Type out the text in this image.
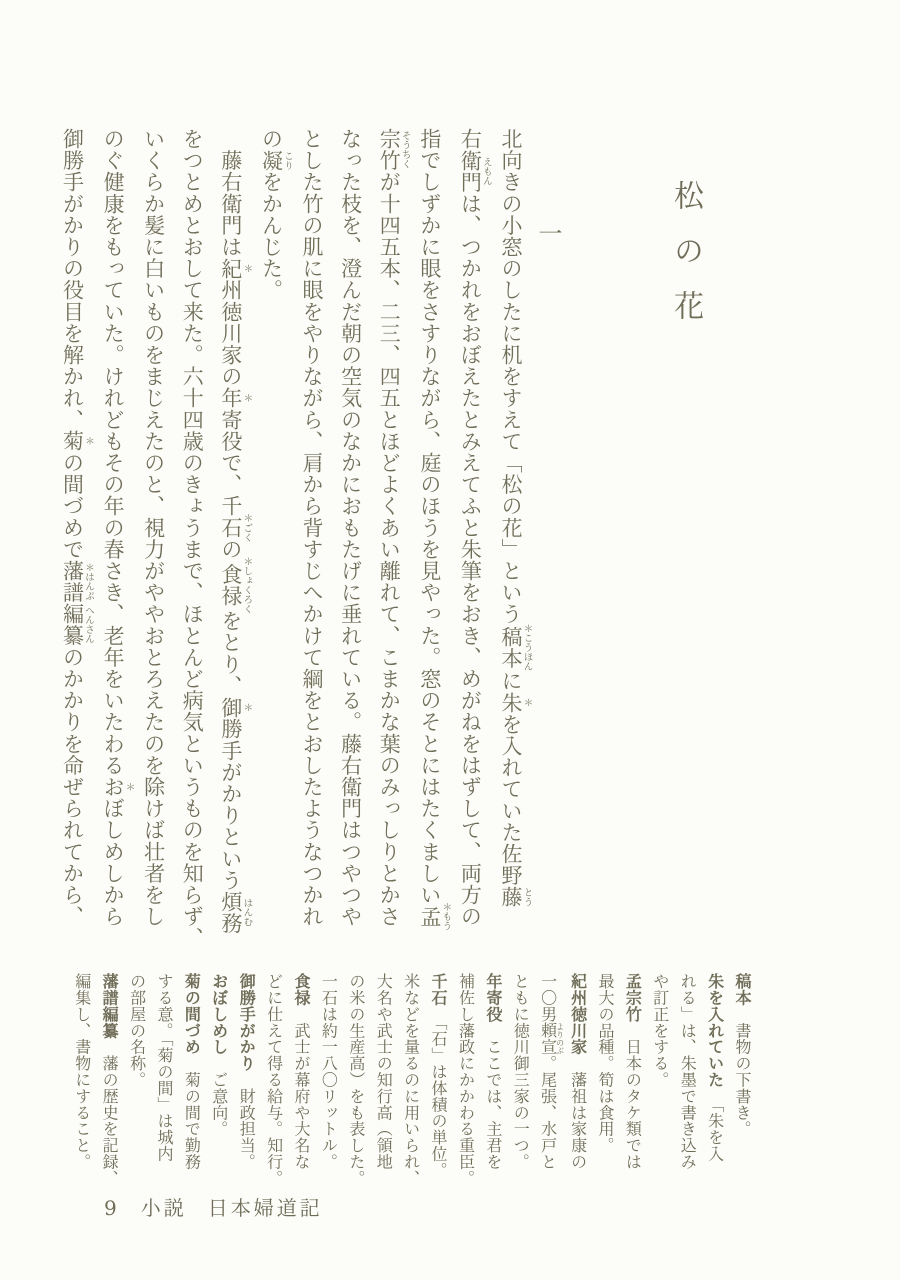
松の花
一
北向きの小窓のしたに机をすえて「松の花」という稿本＊こうほんに朱＊を入れていた佐野藤とう
右衛門えもんは、つかれをおぼえたとみえてふと朱筆をおき、めがねをはずして、両方の
指でしずかに眼をさすりながら、庭のほうを見やった。窓のそとにはたくましい孟＊もう
宗竹そうちくが十四五本、二三、四五とほどよくあい離れて、こまかな葉のみっしりとかさ
なった枝を、澄んだ朝の空気のなかにおもたげに垂れている。藤右衛門はつやつや
とした竹の肌に眼をやりながら、肩から背すじへかけて綱をとおしたようなつかれ
の凝こりをかんじた。
　藤右衛門は紀＊州徳川家の年＊寄役で、千石＊ごくの食禄＊しょくろくをとり、御＊勝手がかりという煩務はんむ
をつとめとおして来た。六十四歳のきょうまで、ほとんど病気というものを知らず、
いくらか髪に白いものをまじえたのと、視力がややおとろえたのを除けば壮者をし
のぐ健康をもっていた。けれどもその年の春さき、老年をいたわるお＊ぼしめしから
御勝手がかりの役目を解かれ、菊＊の間づめで藩譜＊はんぷ編纂へんさんのかかりを命ぜられてから、
稿本　書物の下書き。
朱を入れていた　「朱を入
れる」は、朱墨で書き込み
や訂正をする。
孟宗竹　日本のタケ類では
最大の品種。筍は食用。
紀州徳川家　藩祖は家康の
一〇男頼宣よりのぶ。尾張、水戸と
ともに徳川御三家の一つ。
年寄役　ここでは、主君を
補佐し藩政にかかわる重臣。
千石　「石」は体積の単位。
米などを量るのに用いられ、
大名や武士の知行高（領地
の米の生産高）をも表した。
一石は約一八〇リットル。
食禄　武士が幕府や大名な
どに仕えて得る給与。知行。
御勝手がかり　財政担当。
おぼしめし　ご意向。
菊の間づめ　菊の間で勤務
する意。「菊の間」は城内
の部屋の名称。
藩譜編纂　藩の歴史を記録、
編集し、書物にすること。
9 小説 日本婦道記
